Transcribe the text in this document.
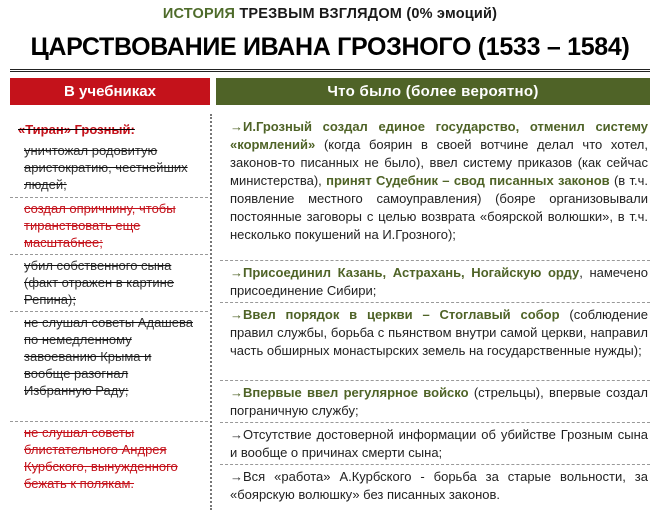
ИСТОРИЯ ТРЕЗВЫМ ВЗГЛЯДОМ (0% эмоций)
ЦАРСТВОВАНИЕ ИВАНА ГРОЗНОГО (1533 – 1584)
В учебниках	Что было (более вероятно)
«Тиран» Грозный:
уничтожал родовитую аристократию, честнейших людей;
создал опричнину, чтобы тиранствовать еще масштабнее;
убил собственного сына (факт отражен в картине Репина);
не слушал советы Адашева по немедленному завоеванию Крыма и вообще разогнал Избранную Раду;
не слушал советы блистательного Андрея Курбского, вынужденного бежать к полякам.
→И.Грозный создал единое государство, отменил систему «кормлений» (когда боярин в своей вотчине делал что хотел, законов-то писанных не было), ввел систему приказов (как сейчас министерства), принят Судебник – свод писанных законов (в т.ч. появление местного самоуправления) (бояре организовывали постоянные заговоры с целью возврата «боярской волюшки», в т.ч. несколько покушений на И.Грозного);
→Присоединил Казань, Астрахань, Ногайскую орду, намечено присоединение Сибири;
→Ввел порядок в церкви – Стоглавый собор (соблюдение правил службы, борьба с пьянством внутри самой церкви, направил часть обширных монастырских земель на государственные нужды);
→Впервые ввел регулярное войско (стрельцы), впервые создал пограничную службу;
→Отсутствие достоверной информации об убийстве Грозным сына и вообще о причинах смерти сына;
→Вся «работа» А.Курбского - борьба за старые вольности, за «боярскую волюшку» без писанных законов.
